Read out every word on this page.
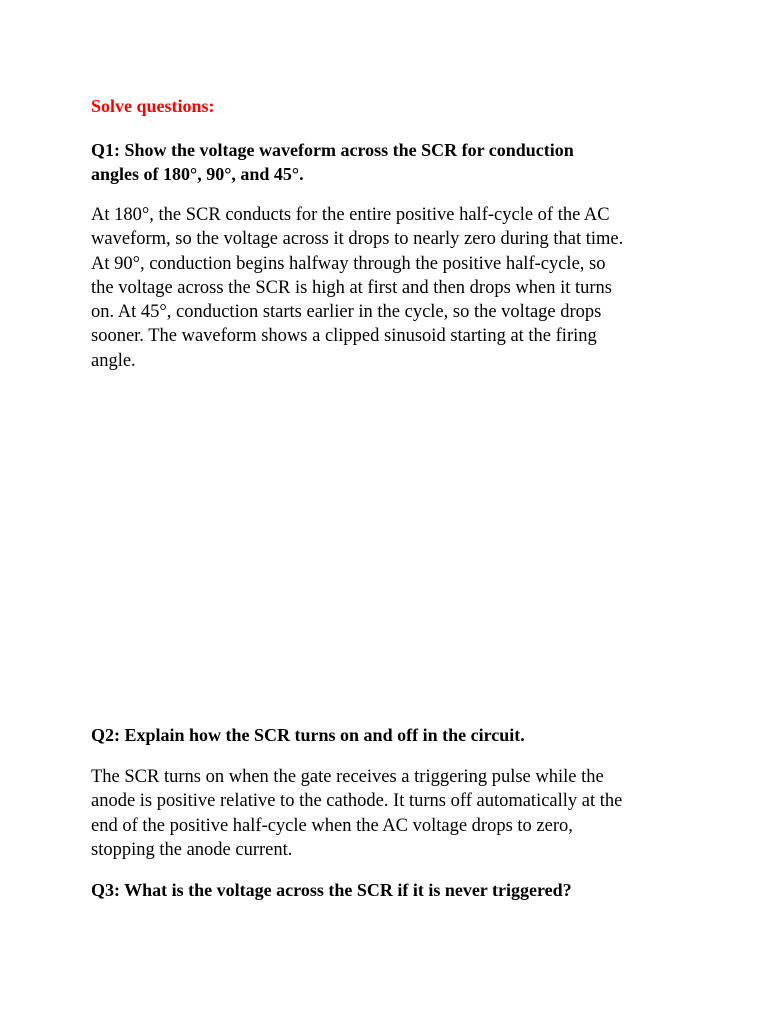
Solve questions:
Q1: Show the voltage waveform across the SCR for conduction
angles of 180°, 90°, and 45°.
At 180°, the SCR conducts for the entire positive half-cycle of the AC
waveform, so the voltage across it drops to nearly zero during that time.
At 90°, conduction begins halfway through the positive half-cycle, so
the voltage across the SCR is high at first and then drops when it turns
on. At 45°, conduction starts earlier in the cycle, so the voltage drops
sooner. The waveform shows a clipped sinusoid starting at the firing
angle.
Q2: Explain how the SCR turns on and off in the circuit.
The SCR turns on when the gate receives a triggering pulse while the
anode is positive relative to the cathode. It turns off automatically at the
end of the positive half-cycle when the AC voltage drops to zero,
stopping the anode current.
Q3: What is the voltage across the SCR if it is never triggered?
